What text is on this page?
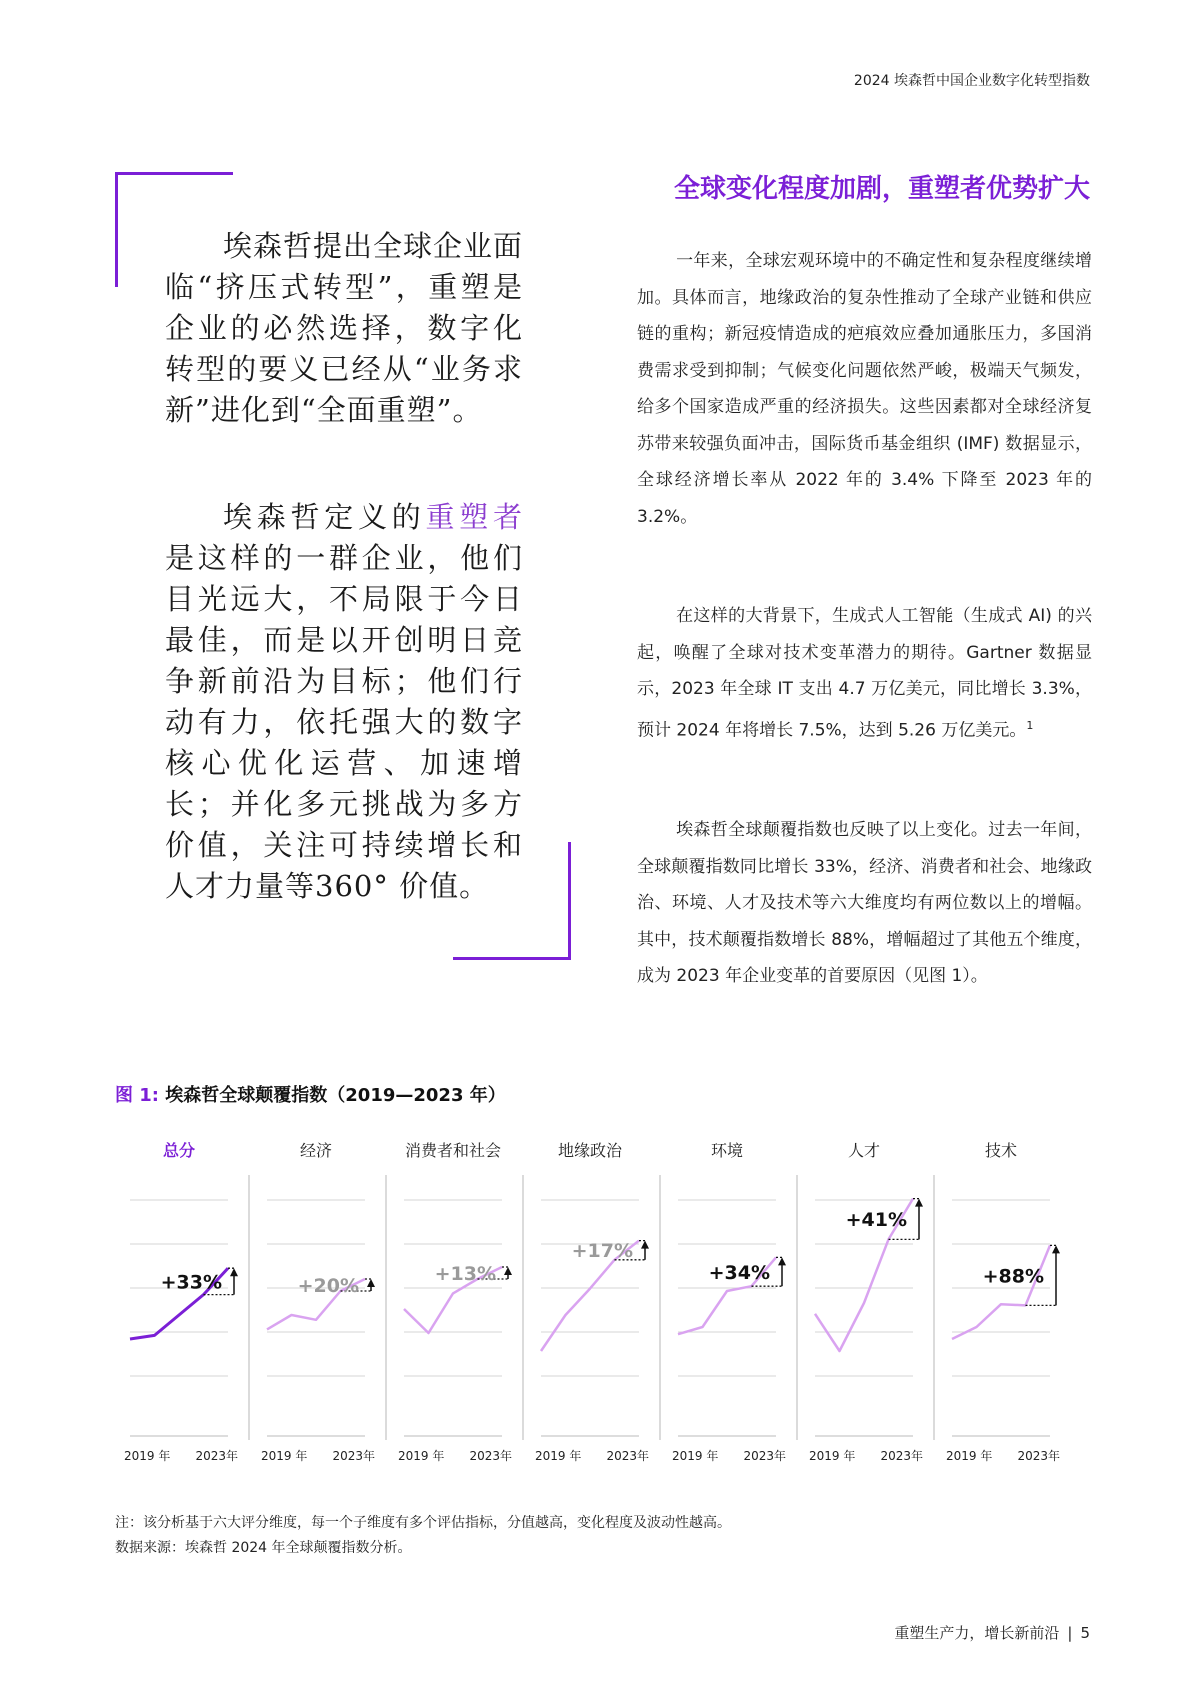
2024 埃森哲中国企业数字化转型指数
埃森哲提出全球企业面临“挤压式转型”，重塑是企业的必然选择，数字化转型的要义已经从“业务求新”进化到“全面重塑”。
埃森哲定义的重塑者是这样的一群企业，他们目光远大，不局限于今日最佳，而是以开创明日竞争新前沿为目标；他们行动有力，依托强大的数字核心优化运营、加速增长；并化多元挑战为多方价值，关注可持续增长和人才力量等360° 价值。
全球变化程度加剧，重塑者优势扩大

一年来，全球宏观环境中的不确定性和复杂程度继续增加。具体而言，地缘政治的复杂性推动了全球产业链和供应链的重构；新冠疫情造成的疤痕效应叠加通胀压力，多国消费需求受到抑制；气候变化问题依然严峻，极端天气频发，给多个国家造成严重的经济损失。这些因素都对全球经济复苏带来较强负面冲击，国际货币基金组织 (IMF) 数据显示，全球经济增长率从 2022 年的 3.4% 下降至 2023 年的 3.2%。

在这样的大背景下，生成式人工智能（生成式 AI) 的兴起，唤醒了全球对技术变革潜力的期待。Gartner 数据显示，2023 年全球 IT 支出 4.7 万亿美元，同比增长 3.3%，预计 2024 年将增长 7.5%，达到 5.26 万亿美元。$^1$

埃森哲全球颠覆指数也反映了以上变化。过去一年间，全球颠覆指数同比增长 33%，经济、消费者和社会、地缘政治、环境、人才及技术等六大维度均有两位数以上的增幅。其中，技术颠覆指数增长 88%，增幅超过了其他五个维度，成为 2023 年企业变革的首要原因（见图 1）。

图 1: 埃森哲全球颠覆指数（2019—2023 年）
总分
+33%
2019 年 2023年
经济
+20%
2019 年 2023年
消费者和社会
+13%
2019 年 2023年
地缘政治
+17%
2019 年 2023年
环境
+34%
2019 年 2023年
人才
+41%
2019 年 2023年
技术
+88%
2019 年 2023年
注：该分析基于六大评分维度，每一个子维度有多个评估指标，分值越高，变化程度及波动性越高。
数据来源：埃森哲 2024 年全球颠覆指数分析。
重塑生产力，增长新前沿 | 5
